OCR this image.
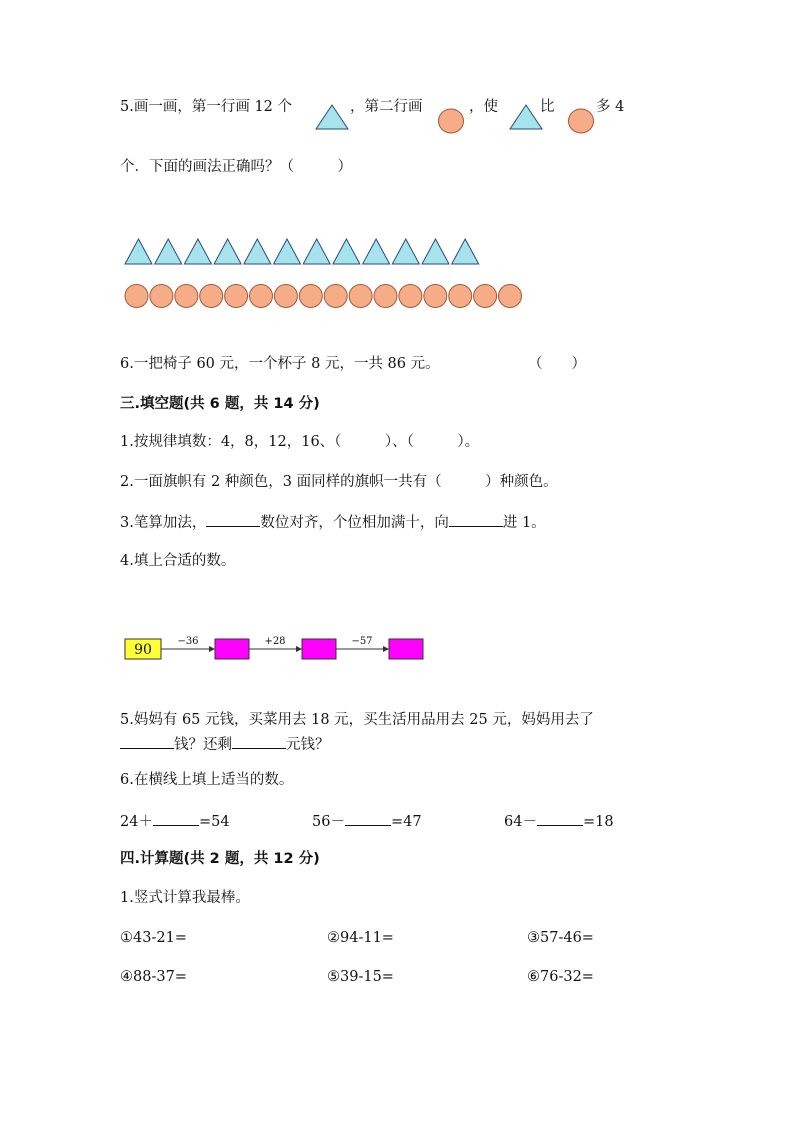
5.画一画，第一行画 12 个	，第二行画	，使	比	多 4
个．下面的画法正确吗？（　　　）
6.一把椅子 60 元，一个杯子 8 元，一共 86 元。	（　　）
三.填空题(共 6 题，共 14 分)
1.按规律填数：4，8，12，16、（　　　）、（　　　）。
2.一面旗帜有 2 种颜色，3 面同样的旗帜一共有（　　　）种颜色。
3.笔算加法，	数位对齐，个位相加满十，向	进 1。
4.填上合适的数。
90
−36	+28	−57
5.妈妈有 65 元钱，买菜用去 18 元，买生活用品用去 25 元，妈妈用去了
钱？还剩	元钱？
6.在横线上填上适当的数。
24＋	=54	56－	=47	64－	=18
四.计算题(共 2 题，共 12 分)
1.竖式计算我最棒。
①43-21=	②94-11=	③57-46=
④88-37=	⑤39-15=	⑥76-32=
